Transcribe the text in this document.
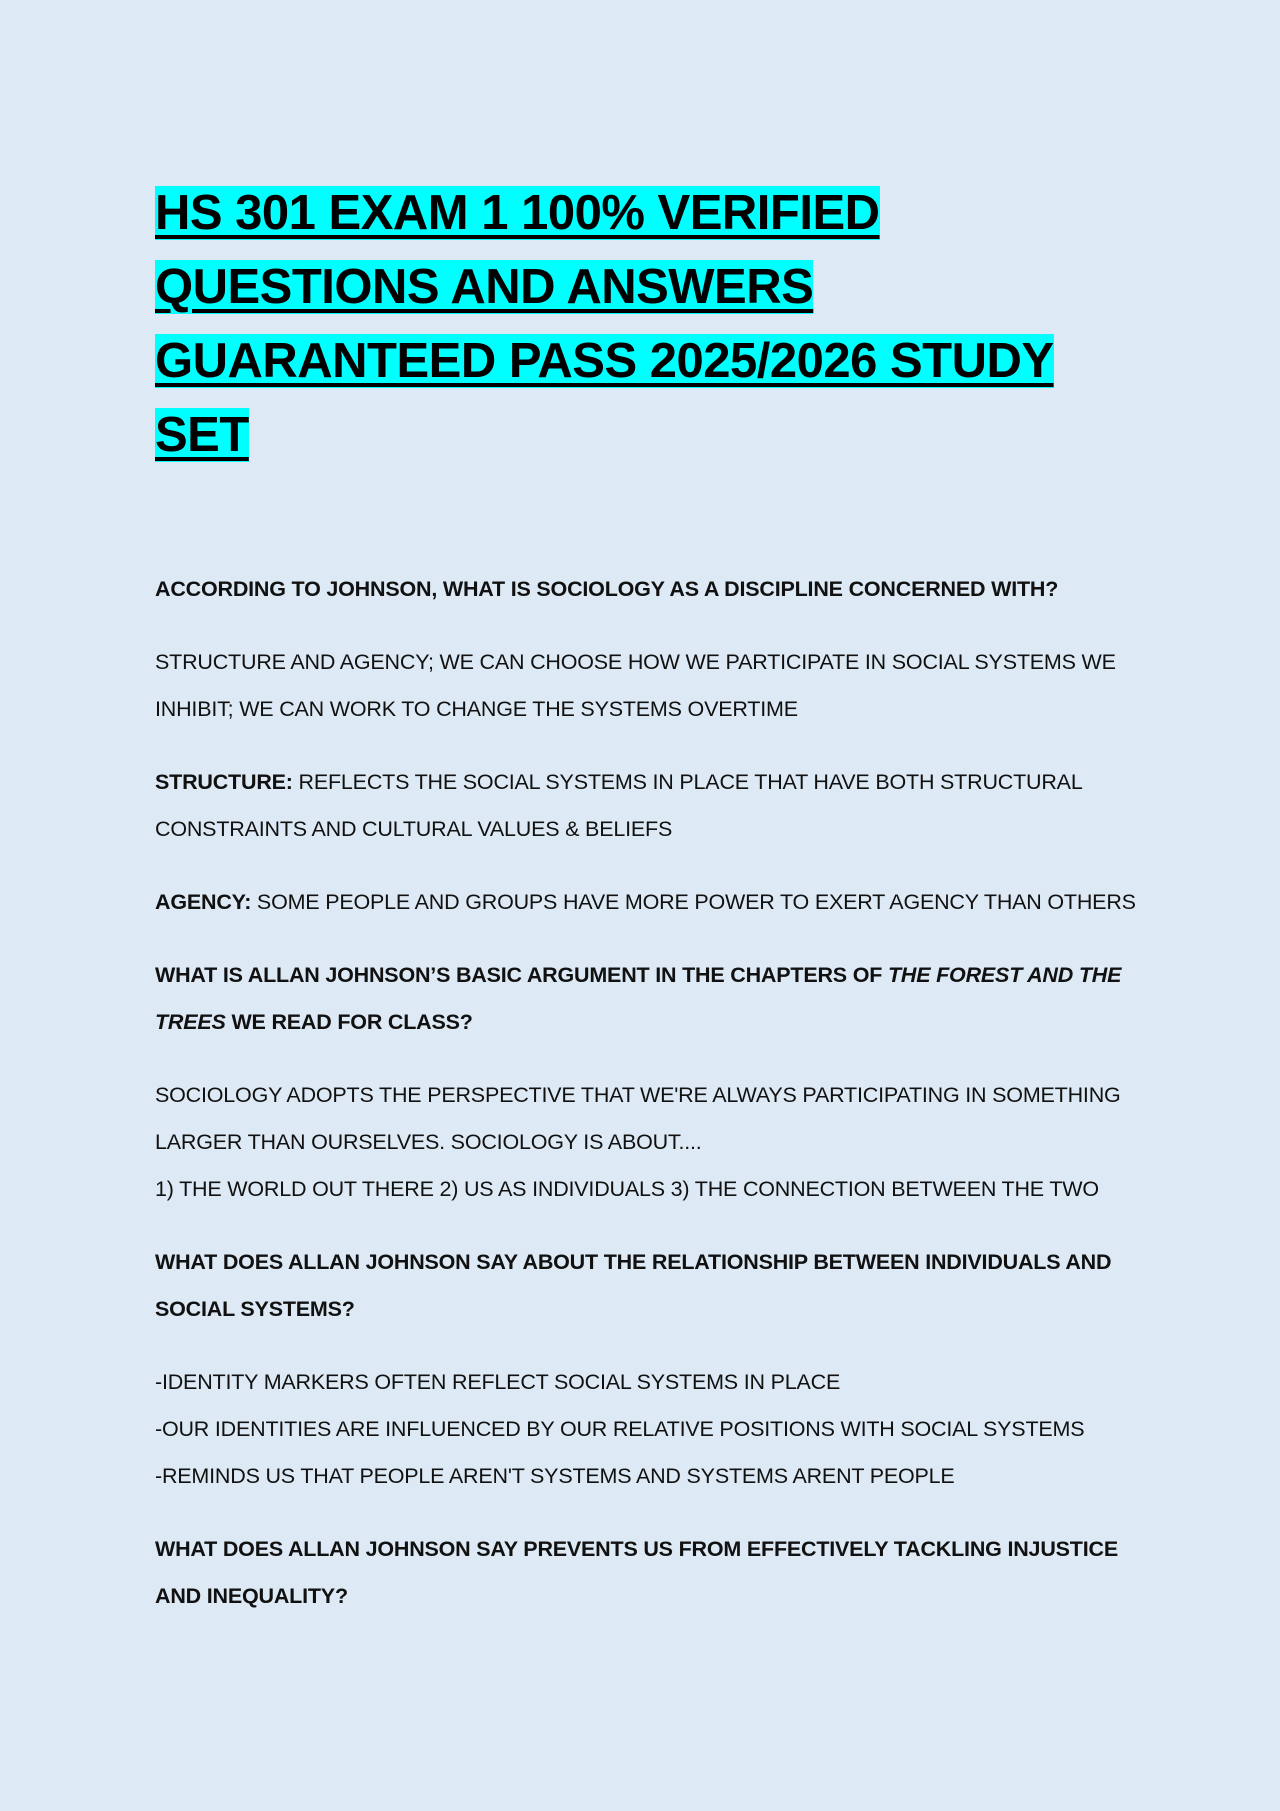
HS 301 EXAM 1 100% VERIFIED QUESTIONS AND ANSWERS GUARANTEED PASS 2025/2026 STUDY SET

ACCORDING TO JOHNSON, WHAT IS SOCIOLOGY AS A DISCIPLINE CONCERNED WITH?

STRUCTURE AND AGENCY; WE CAN CHOOSE HOW WE PARTICIPATE IN SOCIAL SYSTEMS WE INHIBIT; WE CAN WORK TO CHANGE THE SYSTEMS OVERTIME

STRUCTURE: REFLECTS THE SOCIAL SYSTEMS IN PLACE THAT HAVE BOTH STRUCTURAL CONSTRAINTS AND CULTURAL VALUES & BELIEFS

AGENCY: SOME PEOPLE AND GROUPS HAVE MORE POWER TO EXERT AGENCY THAN OTHERS

WHAT IS ALLAN JOHNSON’S BASIC ARGUMENT IN THE CHAPTERS OF THE FOREST AND THE TREES WE READ FOR CLASS?

SOCIOLOGY ADOPTS THE PERSPECTIVE THAT WE'RE ALWAYS PARTICIPATING IN SOMETHING LARGER THAN OURSELVES. SOCIOLOGY IS ABOUT....
1) THE WORLD OUT THERE 2) US AS INDIVIDUALS 3) THE CONNECTION BETWEEN THE TWO

WHAT DOES ALLAN JOHNSON SAY ABOUT THE RELATIONSHIP BETWEEN INDIVIDUALS AND SOCIAL SYSTEMS?

-IDENTITY MARKERS OFTEN REFLECT SOCIAL SYSTEMS IN PLACE
-OUR IDENTITIES ARE INFLUENCED BY OUR RELATIVE POSITIONS WITH SOCIAL SYSTEMS
-REMINDS US THAT PEOPLE AREN'T SYSTEMS AND SYSTEMS ARENT PEOPLE

WHAT DOES ALLAN JOHNSON SAY PREVENTS US FROM EFFECTIVELY TACKLING INJUSTICE AND INEQUALITY?
